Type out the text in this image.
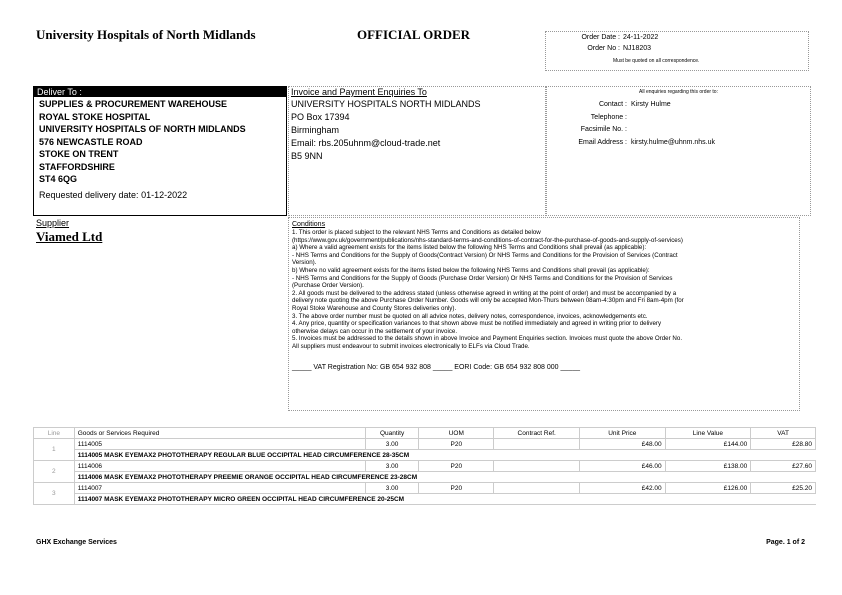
University Hospitals of North Midlands	OFFICIAL ORDER	Order Date : 24-11-2022
Order No : NJ18203
Must be quoted on all correspondence.
Deliver To :
SUPPLIES & PROCUREMENT WAREHOUSE
ROYAL STOKE HOSPITAL
UNIVERSITY HOSPITALS OF NORTH MIDLANDS
576 NEWCASTLE ROAD
STOKE ON TRENT
STAFFORDSHIRE
ST4 6QG
Requested delivery date: 01-12-2022
Invoice and Payment Enquiries To
UNIVERSITY HOSPITALS NORTH MIDLANDS
PO Box 17394
Birmingham
Email: rbs.205uhnm@cloud-trade.net
B5 9NN
All enquiries regarding this order to:
Contact : Kirsty Hulme
Telephone :
Facsimile No. :
Email Address : kirsty.hulme@uhnm.nhs.uk
Supplier
Viamed Ltd
Conditions
1. This order is placed subject to the relevant NHS Terms and Conditions as detailed below
(https://www.gov.uk/government/publications/nhs-standard-terms-and-conditions-of-contract-for-the-purchase-of-goods-and-supply-of-services)
a) Where a valid agreement exists for the items listed below the following NHS Terms and Conditions shall prevail (as applicable):
- NHS Terms and Conditions for the Supply of Goods(Contract Version) Or NHS Terms and Conditions for the Provision of Services (Contract
Version).
b) Where no valid agreement exists for the items listed below the following NHS Terms and Conditions shall prevail (as applicable):
- NHS Terms and Conditions for the Supply of Goods (Purchase Order Version) Or NHS Terms and Conditions for the Provision of Services
(Purchase Order Version).
2. All goods must be delivered to the address stated (unless otherwise agreed in writing at the point of order) and must be accompanied by a
delivery note quoting the above Purchase Order Number. Goods will only be accepted Mon-Thurs between 08am-4:30pm and Fri 8am-4pm (for
Royal Stoke Warehouse and County Stores deliveries only).
3. The above order number must be quoted on all advice notes, delivery notes, correspondence, invoices, acknowledgements etc.
4. Any price, quantity or specification variances to that shown above must be notified immediately and agreed in writing prior to delivery
otherwise delays can occur in the settlement of your invoice.
5. Invoices must be addressed to the details shown in above Invoice and Payment Enquiries section. Invoices must quote the above Order No.
All suppliers must endeavour to submit invoices electronically to ELFs via Cloud Trade.
_____ VAT Registration No: GB 654 932 808 _____ EORI Code: GB 654 932 808 000 _____
Line	Goods or Services Required	Quantity	UOM	Contract Ref.	Unit Price	Line Value	VAT
1	1114005	3.00	P20		£48.00	£144.00	£28.80
	1114005 MASK EYEMAX2 PHOTOTHERAPY REGULAR BLUE OCCIPITAL HEAD CIRCUMFERENCE 28-35CM						
2	1114006	3.00	P20		£46.00	£138.00	£27.60
	1114006 MASK EYEMAX2 PHOTOTHERAPY PREEMIE ORANGE OCCIPITAL HEAD CIRCUMFERENCE 23-28CM						
3	1114007	3.00	P20		£42.00	£126.00	£25.20
	1114007 MASK EYEMAX2 PHOTOTHERAPY MICRO GREEN OCCIPITAL HEAD CIRCUMFERENCE 20-25CM						
GHX Exchange Services	Page. 1 of 2
